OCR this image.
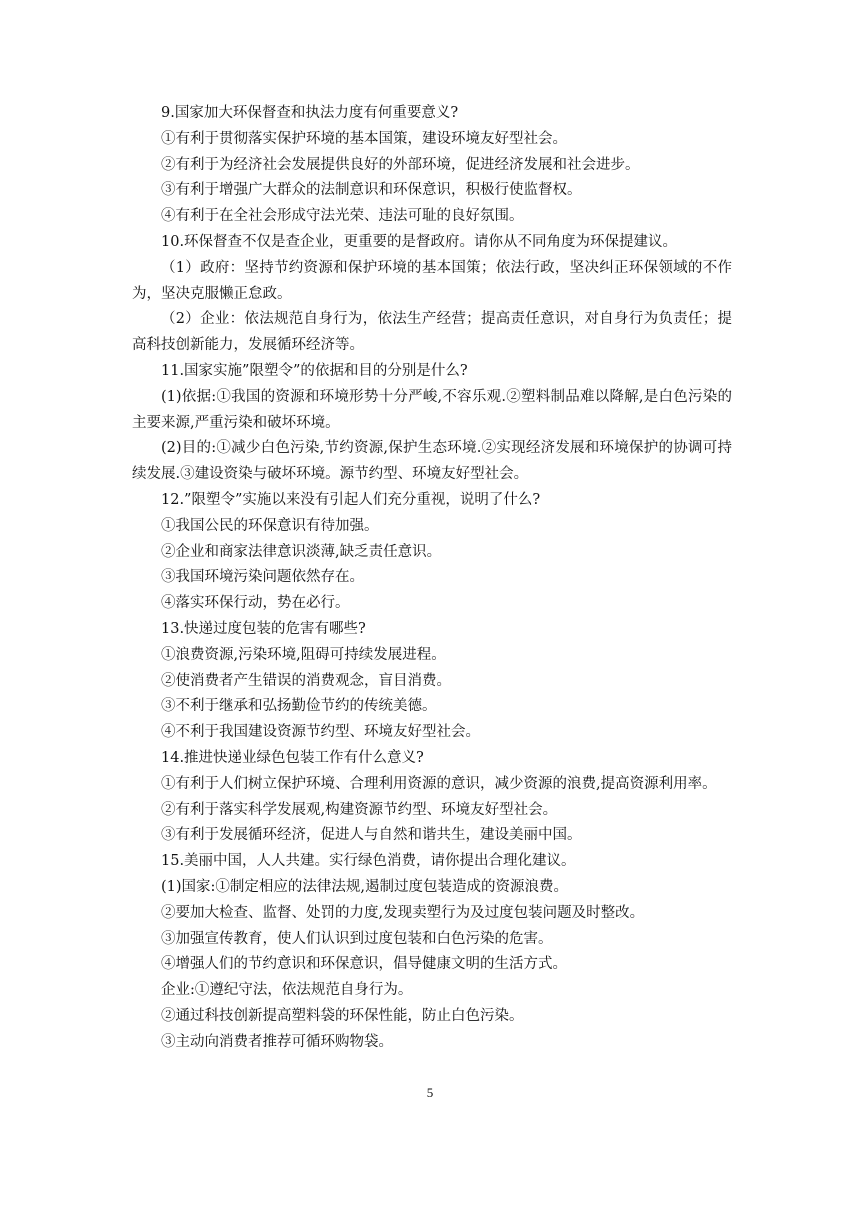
9.国家加大环保督查和执法力度有何重要意义?

①有利于贯彻落实保护环境的基本国策，建设环境友好型社会。

②有利于为经济社会发展提供良好的外部环境，促进经济发展和社会进步。

③有利于增强广大群众的法制意识和环保意识，积极行使监督权。

④有利于在全社会形成守法光荣、违法可耻的良好氛围。

10.环保督查不仅是查企业，更重要的是督政府。请你从不同角度为环保提建议。

（1）政府：坚持节约资源和保护环境的基本国策；依法行政，坚决纠正环保领域的不作为，坚决克服懒正怠政。

（2）企业：依法规范自身行为，依法生产经营；提高责任意识，对自身行为负责任；提高科技创新能力，发展循环经济等。

11.国家实施”限塑令”的依据和目的分别是什么?

(1)依据:①我国的资源和环境形势十分严峻,不容乐观.②塑料制品难以降解,是白色污染的主要来源,严重污染和破坏环境。

(2)目的:①减少白色污染,节约资源,保护生态环境.②实现经济发展和环境保护的协调可持续发展.③建设资染与破坏环境。源节约型、环境友好型社会。

12.”限塑令”实施以来没有引起人们充分重视，说明了什么?

①我国公民的环保意识有待加强。

②企业和商家法律意识淡薄,缺乏责任意识。

③我国环境污染问题依然存在。

④落实环保行动，势在必行。

13.快递过度包装的危害有哪些?

①浪费资源,污染环境,阻碍可持续发展进程。

②使消费者产生错误的消费观念，盲目消费。

③不利于继承和弘扬勤俭节约的传统美德。

④不利于我国建设资源节约型、环境友好型社会。

14.推进快递业绿色包装工作有什么意义?

①有利于人们树立保护环境、合理利用资源的意识，减少资源的浪费,提高资源利用率。

②有利于落实科学发展观,构建资源节约型、环境友好型社会。

③有利于发展循环经济，促进人与自然和谐共生，建设美丽中国。

15.美丽中国，人人共建。实行绿色消费，请你提出合理化建议。

(1)国家:①制定相应的法律法规,遏制过度包装造成的资源浪费。

②要加大检查、监督、处罚的力度,发现卖塑行为及过度包装问题及时整改。

③加强宣传教育，使人们认识到过度包装和白色污染的危害。

④增强人们的节约意识和环保意识，倡导健康文明的生活方式。

企业:①遵纪守法，依法规范自身行为。

②通过科技创新提高塑料袋的环保性能，防止白色污染。

③主动向消费者推荐可循环购物袋。

5
